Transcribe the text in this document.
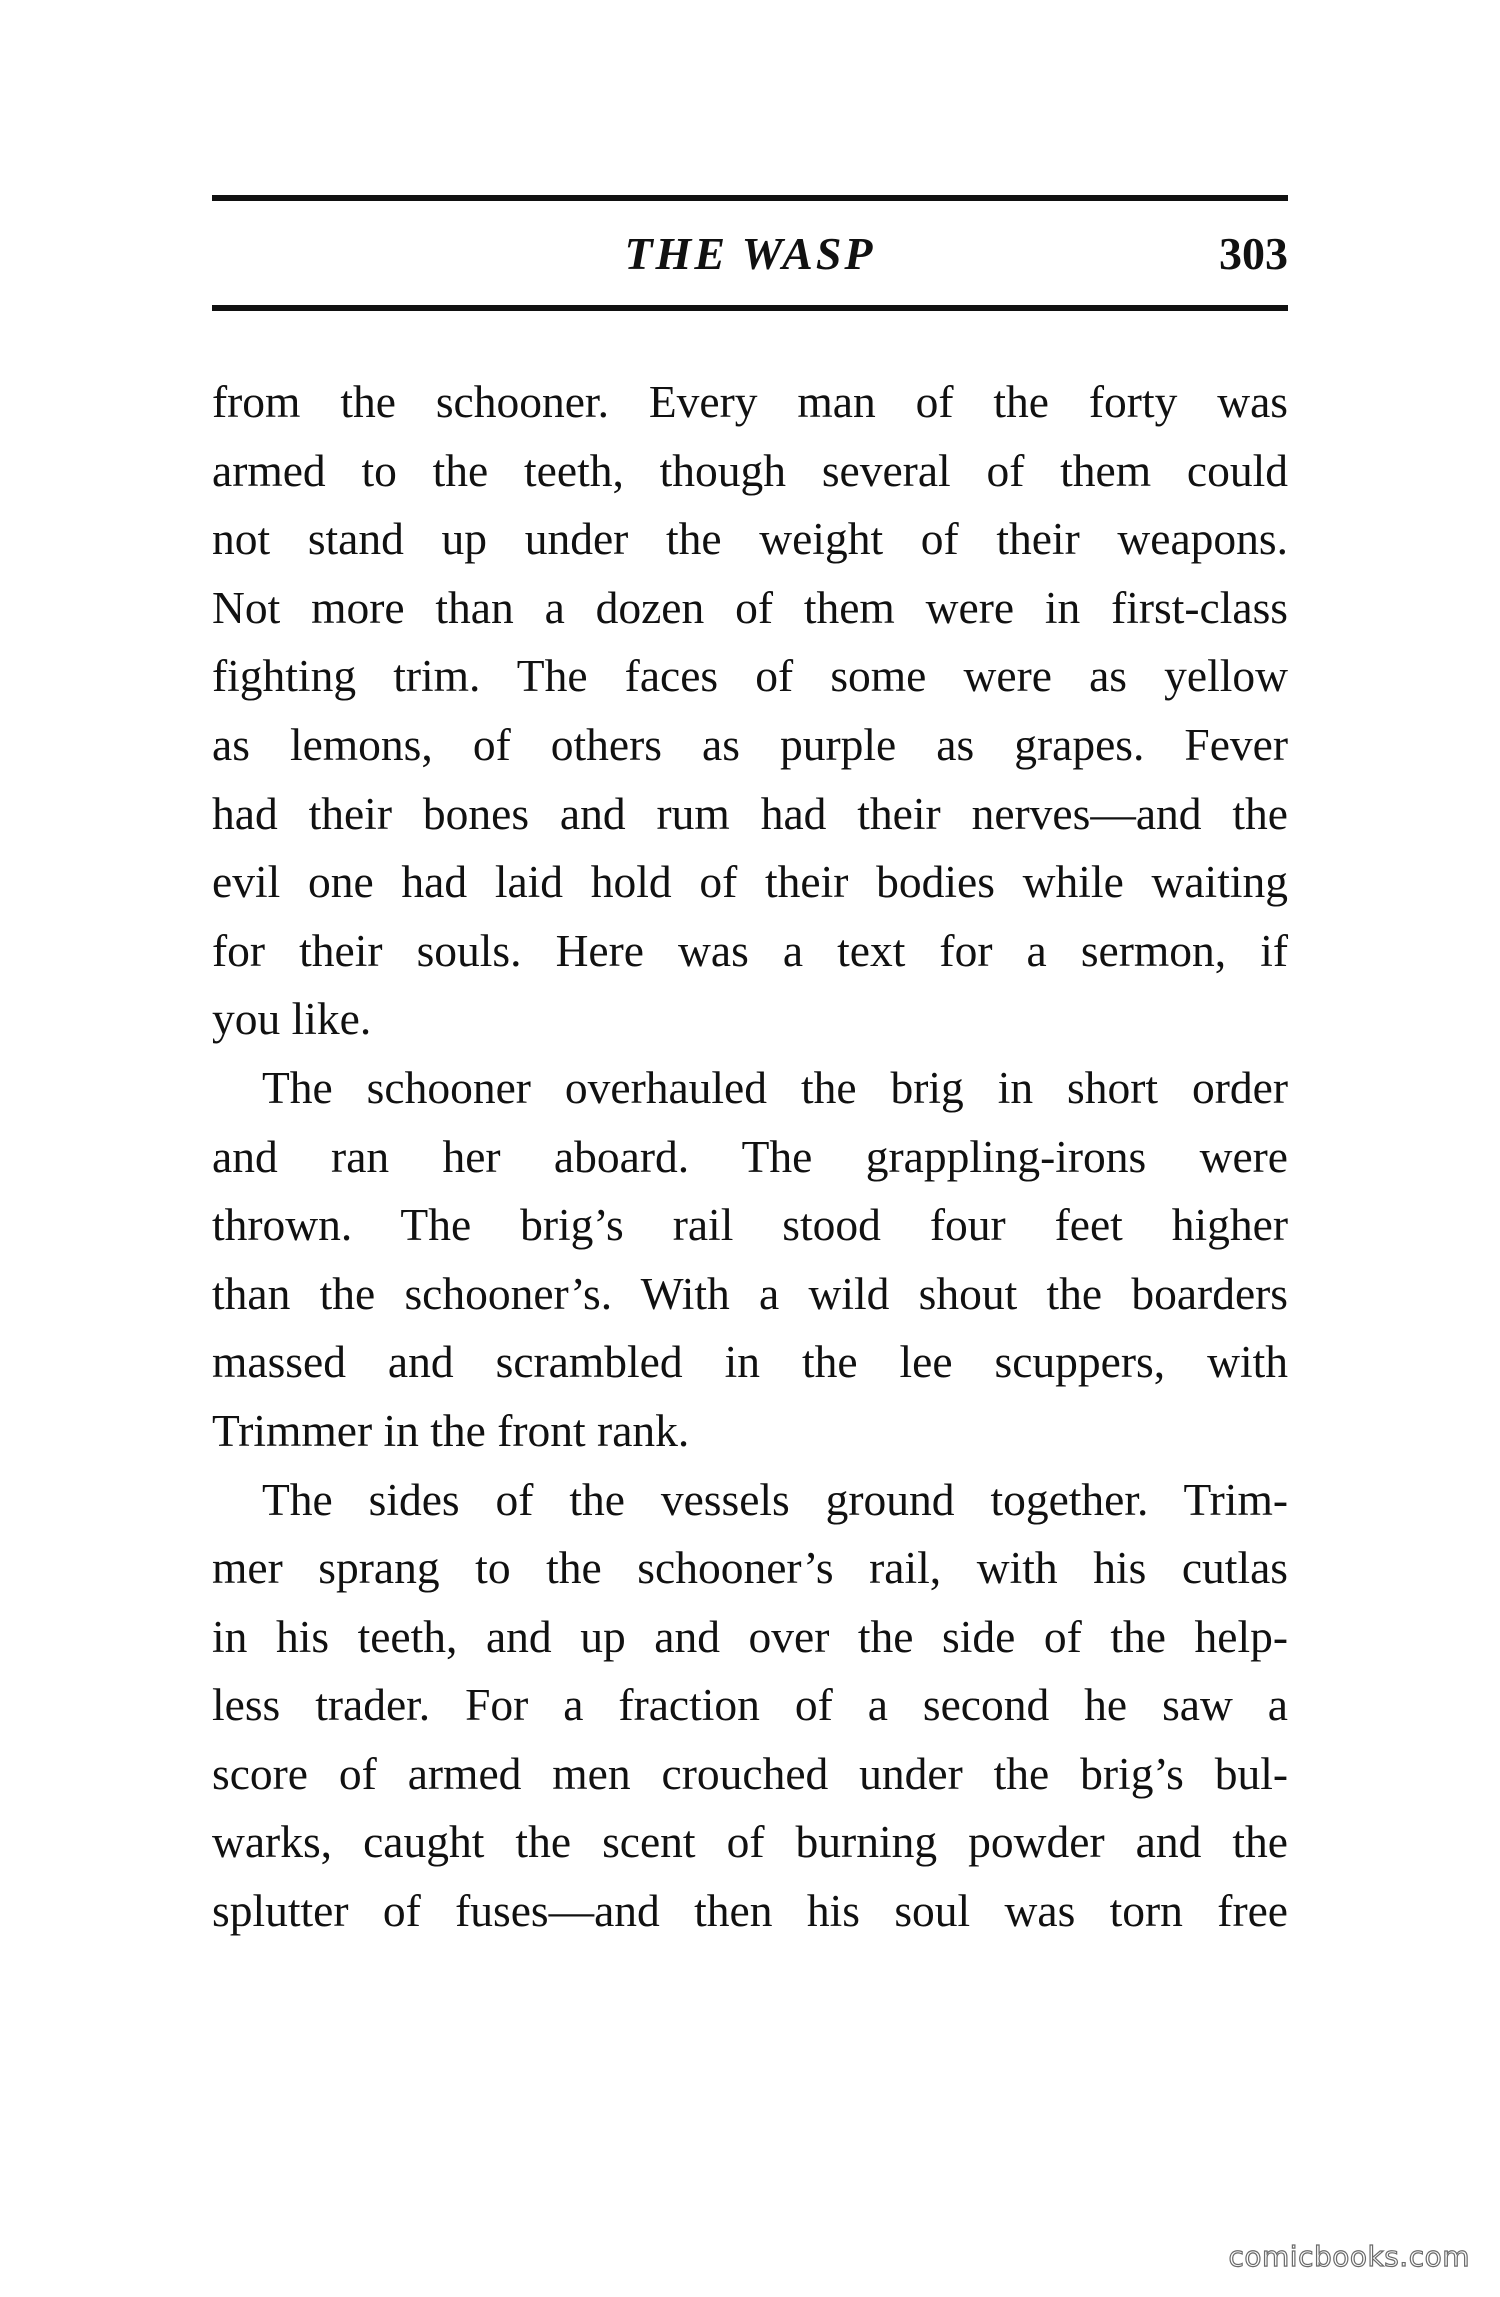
THE WASP	303
from the schooner. Every man of the forty was
armed to the teeth, though several of them could
not stand up under the weight of their weapons.
Not more than a dozen of them were in first-class
fighting trim. The faces of some were as yellow
as lemons, of others as purple as grapes. Fever
had their bones and rum had their nerves—and the
evil one had laid hold of their bodies while waiting
for their souls. Here was a text for a sermon, if
you like.
The schooner overhauled the brig in short order
and ran her aboard. The grappling-irons were
thrown. The brig’s rail stood four feet higher
than the schooner’s. With a wild shout the boarders
massed and scrambled in the lee scuppers, with
Trimmer in the front rank.
The sides of the vessels ground together. Trim-
mer sprang to the schooner’s rail, with his cutlas
in his teeth, and up and over the side of the help-
less trader. For a fraction of a second he saw a
score of armed men crouched under the brig’s bul-
warks, caught the scent of burning powder and the
splutter of fuses—and then his soul was torn free
comicbooks.com
